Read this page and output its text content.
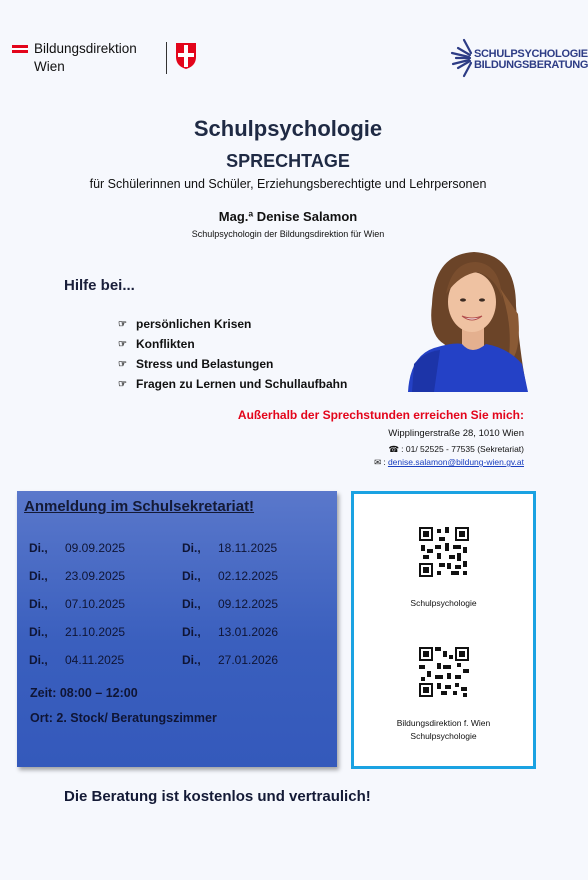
Bildungsdirektion
Wien
SCHULPSYCHOLOGIE
BILDUNGSBERATUNG
Schulpsychologie
SPRECHTAGE
für Schülerinnen und Schüler, Erziehungsberechtigte und Lehrpersonen
Mag.ª Denise Salamon
Schulpsychologin der Bildungsdirektion für Wien
Hilfe bei...
☞ persönlichen Krisen
☞ Konflikten
☞ Stress und Belastungen
☞ Fragen zu Lernen und Schullaufbahn
Außerhalb der Sprechstunden erreichen Sie mich:
Wipplingerstraße 28, 1010 Wien
☎ : 01/ 52525 - 77535 (Sekretariat)
✉ : denise.salamon@bildung-wien.gv.at
Anmeldung im Schulsekretariat!
Di., 09.09.2025	Di., 18.11.2025
Di., 23.09.2025	Di., 02.12.2025
Di., 07.10.2025	Di., 09.12.2025
Di., 21.10.2025	Di., 13.01.2026
Di., 04.11.2025	Di., 27.01.2026
Zeit: 08:00 – 12:00
Ort: 2. Stock/ Beratungszimmer
Schulpsychologie
Bildungsdirektion f. Wien
Schulpsychologie
Die Beratung ist kostenlos und vertraulich!
